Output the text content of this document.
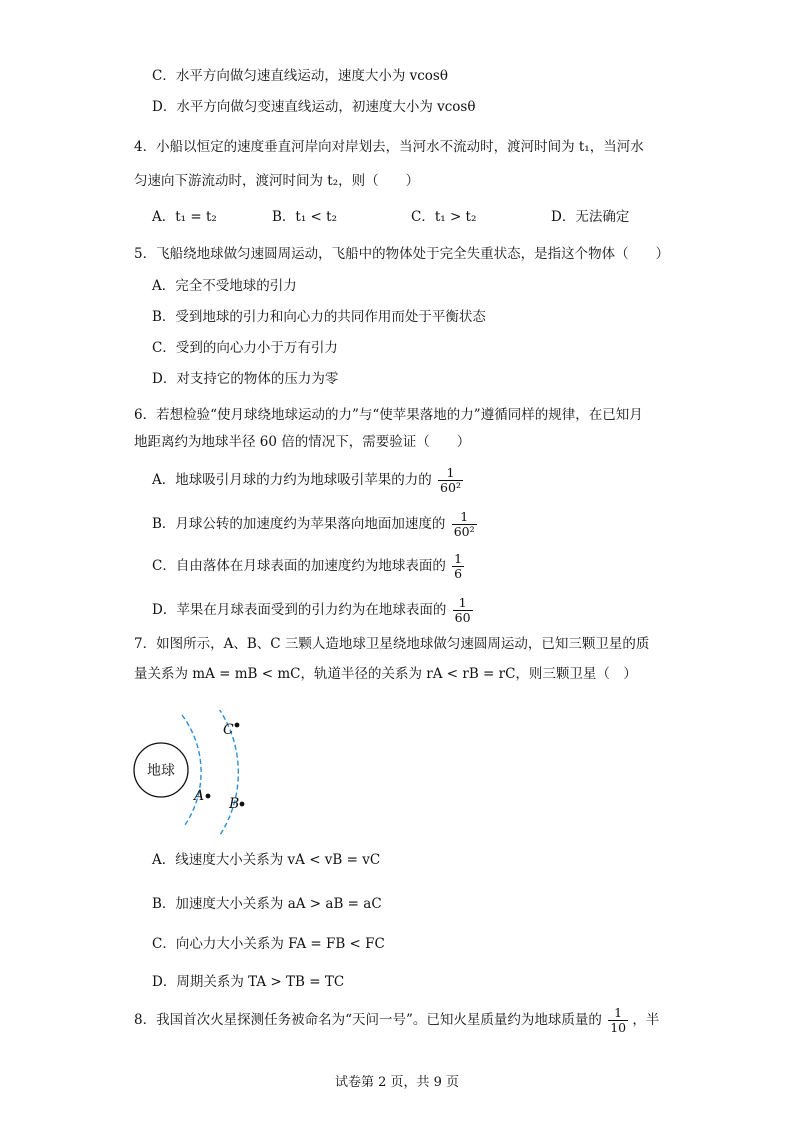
C．水平方向做匀速直线运动，速度大小为 vcosθ
D．水平方向做匀变速直线运动，初速度大小为 vcosθ
4．小船以恒定的速度垂直河岸向对岸划去，当河水不流动时，渡河时间为 t₁，当河水
匀速向下游流动时，渡河时间为 t₂，则（　　）
A．t₁ = t₂	B．t₁ < t₂	C．t₁ > t₂	D．无法确定
5．飞船绕地球做匀速圆周运动，飞船中的物体处于完全失重状态，是指这个物体（　　）
A．完全不受地球的引力
B．受到地球的引力和向心力的共同作用而处于平衡状态
C．受到的向心力小于万有引力
D．对支持它的物体的压力为零
6．若想检验“使月球绕地球运动的力”与“使苹果落地的力”遵循同样的规律，在已知月
地距离约为地球半径 60 倍的情况下，需要验证（　　）
A．地球吸引月球的力约为地球吸引苹果的力的 $\frac{1}{\text{60²}}$
B．月球公转的加速度约为苹果落向地面加速度的 $\frac{1}{\text{60²}}$
C．自由落体在月球表面的加速度约为地球表面的 $\frac{1}{6}$
D．苹果在月球表面受到的引力约为在地球表面的 $\frac{1}{60}$
7．如图所示，A、B、C 三颗人造地球卫星绕地球做匀速圆周运动，已知三颗卫星的质
量关系为 mA = mB < mC，轨道半径的关系为 rA < rB = rC，则三颗卫星（　）
地球
A B
C
A．线速度大小关系为 vA < vB = vC
B．加速度大小关系为 aA > aB = aC
C．向心力大小关系为 FA = FB < FC
D．周期关系为 TA > TB = TC
8．我国首次火星探测任务被命名为“天问一号”。已知火星质量约为地球质量的 $\frac{1}{10}$ ，半
试卷第 2 页，共 9 页
